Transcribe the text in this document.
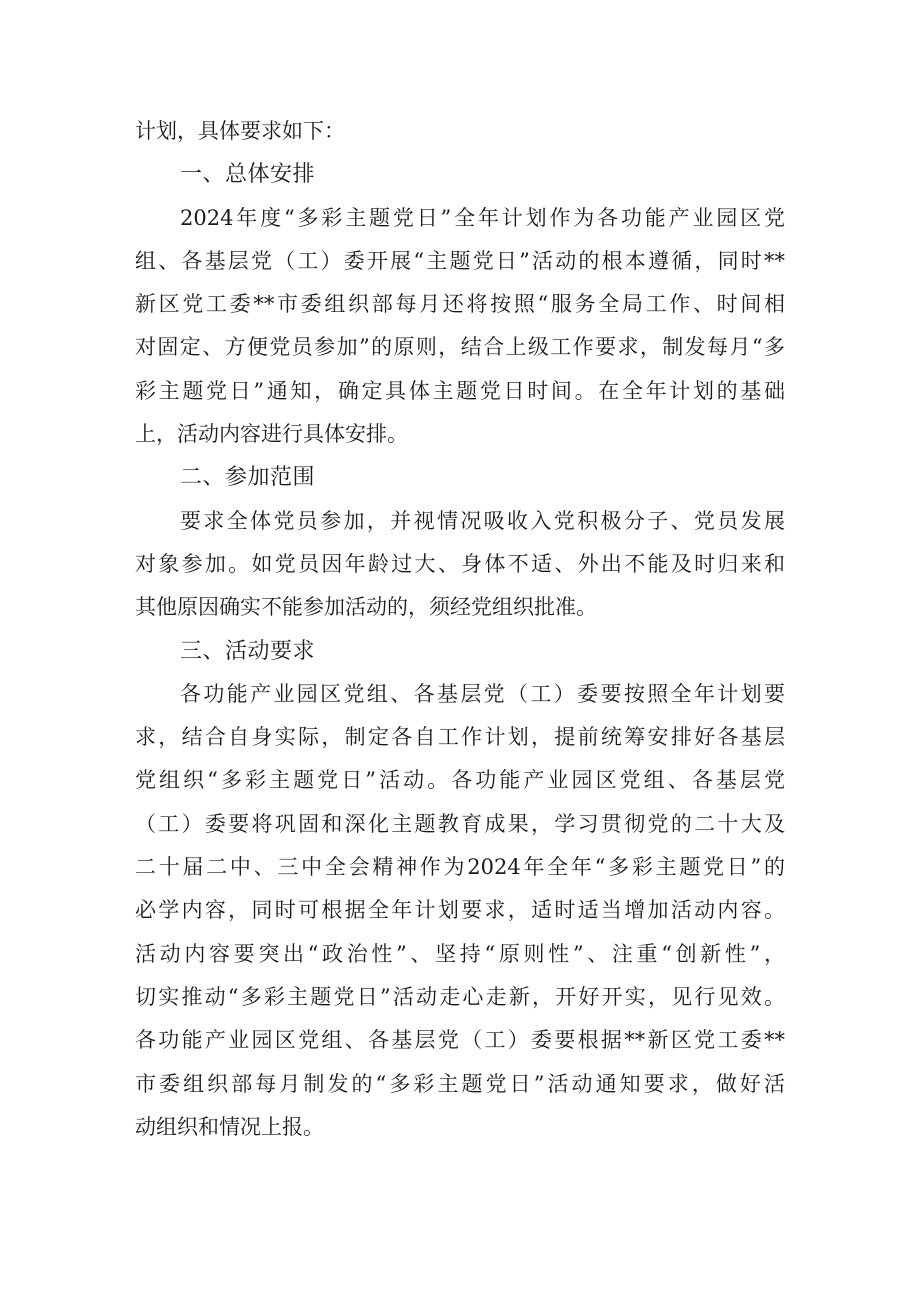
计划，具体要求如下：
一、总体安排
2024年度“多彩主题党日”全年计划作为各功能产业园区党
组、各基层党（工）委开展“主题党日”活动的根本遵循，同时**
新区党工委**市委组织部每月还将按照“服务全局工作、时间相
对固定、方便党员参加”的原则，结合上级工作要求，制发每月“多
彩主题党日”通知，确定具体主题党日时间。在全年计划的基础
上，活动内容进行具体安排。
二、参加范围
要求全体党员参加，并视情况吸收入党积极分子、党员发展
对象参加。如党员因年龄过大、身体不适、外出不能及时归来和
其他原因确实不能参加活动的，须经党组织批准。
三、活动要求
各功能产业园区党组、各基层党（工）委要按照全年计划要
求，结合自身实际，制定各自工作计划，提前统筹安排好各基层
党组织“多彩主题党日”活动。各功能产业园区党组、各基层党
（工）委要将巩固和深化主题教育成果，学习贯彻党的二十大及
二十届二中、三中全会精神作为2024年全年“多彩主题党日”的
必学内容，同时可根据全年计划要求，适时适当增加活动内容。
活动内容要突出“政治性”、坚持“原则性”、注重“创新性”，
切实推动“多彩主题党日”活动走心走新，开好开实，见行见效。
各功能产业园区党组、各基层党（工）委要根据**新区党工委**
市委组织部每月制发的“多彩主题党日”活动通知要求，做好活
动组织和情况上报。
